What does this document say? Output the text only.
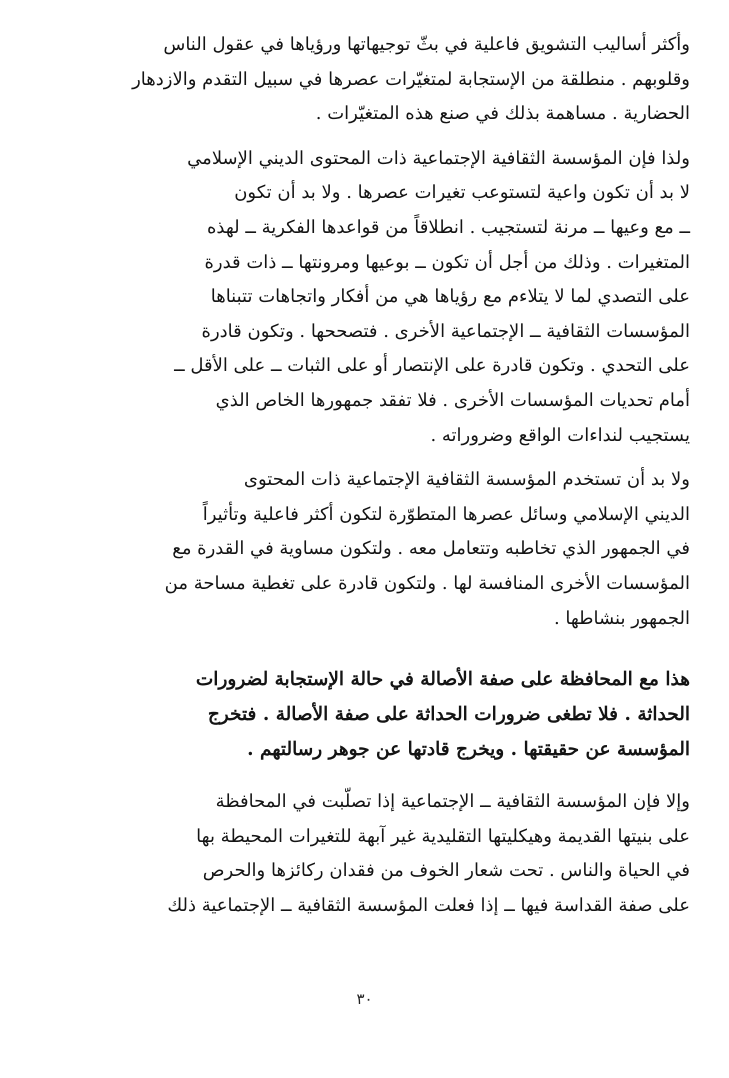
وأكثر أساليب التشويق فاعلية في بثّ توجيهاتها ورؤياها في عقول الناس
وقلوبهم . منطلقة من الإستجابة لمتغيّرات عصرها في سبيل التقدم والازدهار
الحضارية . مساهمة بذلك في صنع هذه المتغيّرات .

ولذا فإن المؤسسة الثقافية الإجتماعية ذات المحتوى الديني الإسلامي
لا بد أن تكون واعية لتستوعب تغيرات عصرها . ولا بد أن تكون
ــ مع وعيها ــ مرنة لتستجيب . انطلاقاً من قواعدها الفكرية ــ لهذه
المتغيرات . وذلك من أجل أن تكون ــ بوعيها ومرونتها ــ ذات قدرة
على التصدي لما لا يتلاءم مع رؤياها هي من أفكار واتجاهات تتبناها
المؤسسات الثقافية ــ الإجتماعية الأخرى . فتصححها . وتكون قادرة
على التحدي . وتكون قادرة على الإنتصار أو على الثبات ــ على الأقل ــ
أمام تحديات المؤسسات الأخرى . فلا تفقد جمهورها الخاص الذي
يستجيب لنداءات الواقع وضروراته .

ولا بد أن تستخدم المؤسسة الثقافية الإجتماعية ذات المحتوى
الديني الإسلامي وسائل عصرها المتطوّرة لتكون أكثر فاعلية وتأثيراً
في الجمهور الذي تخاطبه وتتعامل معه . ولتكون مساوية في القدرة مع
المؤسسات الأخرى المنافسة لها . ولتكون قادرة على تغطية مساحة من
الجمهور بنشاطها .

هذا مع المحافظة على صفة الأصالة في حالة الإستجابة لضرورات
الحداثة . فلا تطغى ضرورات الحداثة على صفة الأصالة . فتخرج
المؤسسة عن حقيقتها . ويخرج قادتها عن جوهر رسالتهم .

وإلا فإن المؤسسة الثقافية ــ الإجتماعية إذا تصلّبت في المحافظة
على بنيتها القديمة وهيكليتها التقليدية غير آبهة للتغيرات المحيطة بها
في الحياة والناس . تحت شعار الخوف من فقدان ركائزها والحرص
على صفة القداسة فيها ــ إذا فعلت المؤسسة الثقافية ــ الإجتماعية ذلك

٣٠
